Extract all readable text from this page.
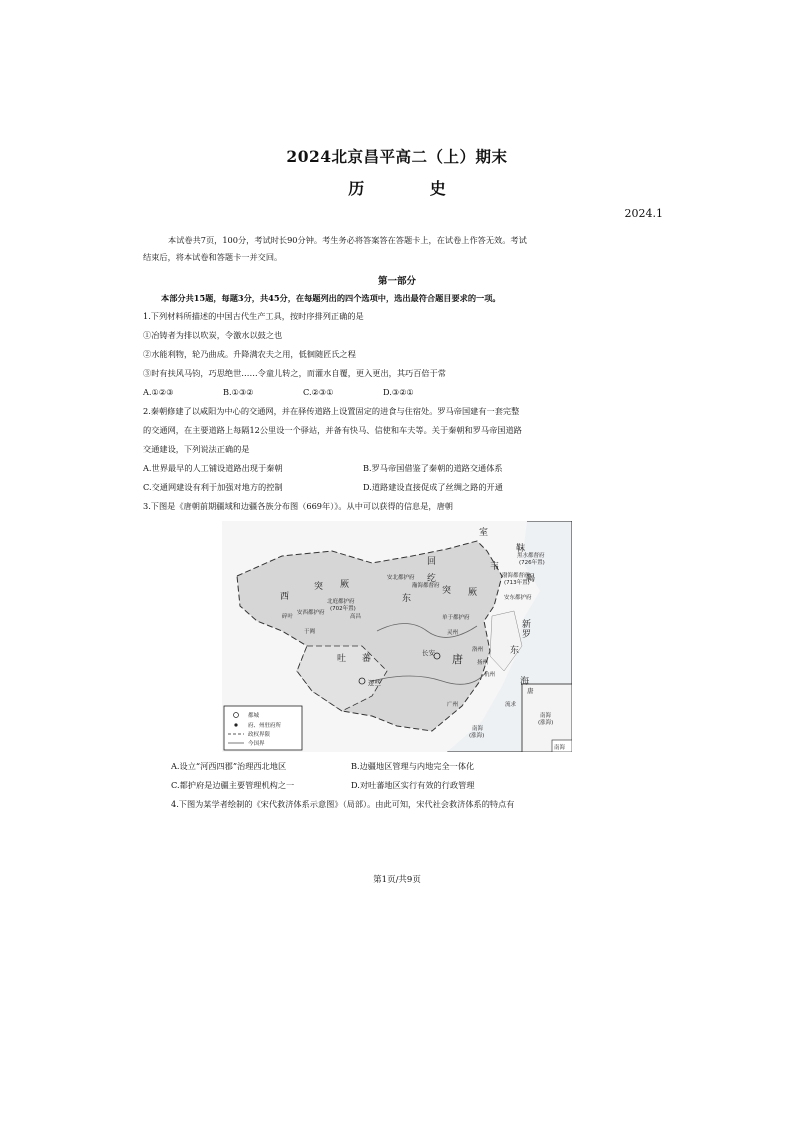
2024北京昌平高二（上）期末
历 史
2024.1
本试卷共7页，100分，考试时长90分钟。考生务必将答案答在答题卡上，在试卷上作答无效。考试
结束后，将本试卷和答题卡一并交回。
第一部分
本部分共15题，每题3分，共45分，在每题列出的四个选项中，选出最符合题目要求的一项。
1.下列材料所描述的中国古代生产工具，按时序排列正确的是
①冶铸者为排以吹炭，令激水以鼓之也
②水能利物，轮乃曲成。升降满农夫之用，低徊随匠氏之程
③时有扶风马钧，巧思绝世……令童儿转之，而灌水自覆，更入更出，其巧百倍于常
A.①②③	B.①③②	C.②③①	D.③②①
2.秦朝修建了以咸阳为中心的交通网，并在驿传道路上设置固定的进食与住宿处。罗马帝国建有一套完整
的交通网，在主要道路上每隔12公里设一个驿站，并备有快马、信使和车夫等。关于秦朝和罗马帝国道路
交通建设，下列说法正确的是
A.世界最早的人工铺设道路出现于秦朝	B.罗马帝国借鉴了秦朝的道路交通体系
C.交通网建设有利于加强对地方的控制	D.道路建设直接促成了丝绸之路的开通
3.下图是《唐朝前期疆域和边疆各族分布图（669年）》。从中可以获得的信息是，唐朝
室
靺
回
纥
韦
鞨
西
突 厥
东
突 厥
吐 蕃	唐
新
罗
东
海
黑水都督府
(726年置)
渤海都督府
(713年置)
安东都护府
安北都护府
瀚海都督府
北庭都护府
(702年置)
安西都护府
于阗
碎叶	高昌	单于都护府
灵州
长安	洛州
扬州
杭州
广州
逻些
流求
南海
(涨海)
唐
南海
(涨海)
南海
都城
府、州驻府所
政权界限
今国界
A.设立“河西四郡”治理西北地区	B.边疆地区管理与内地完全一体化
C.都护府是边疆主要管理机构之一	D.对吐蕃地区实行有效的行政管理
4.下图为某学者绘制的《宋代救济体系示意图》（局部）。由此可知，宋代社会救济体系的特点有
第1页/共9页
